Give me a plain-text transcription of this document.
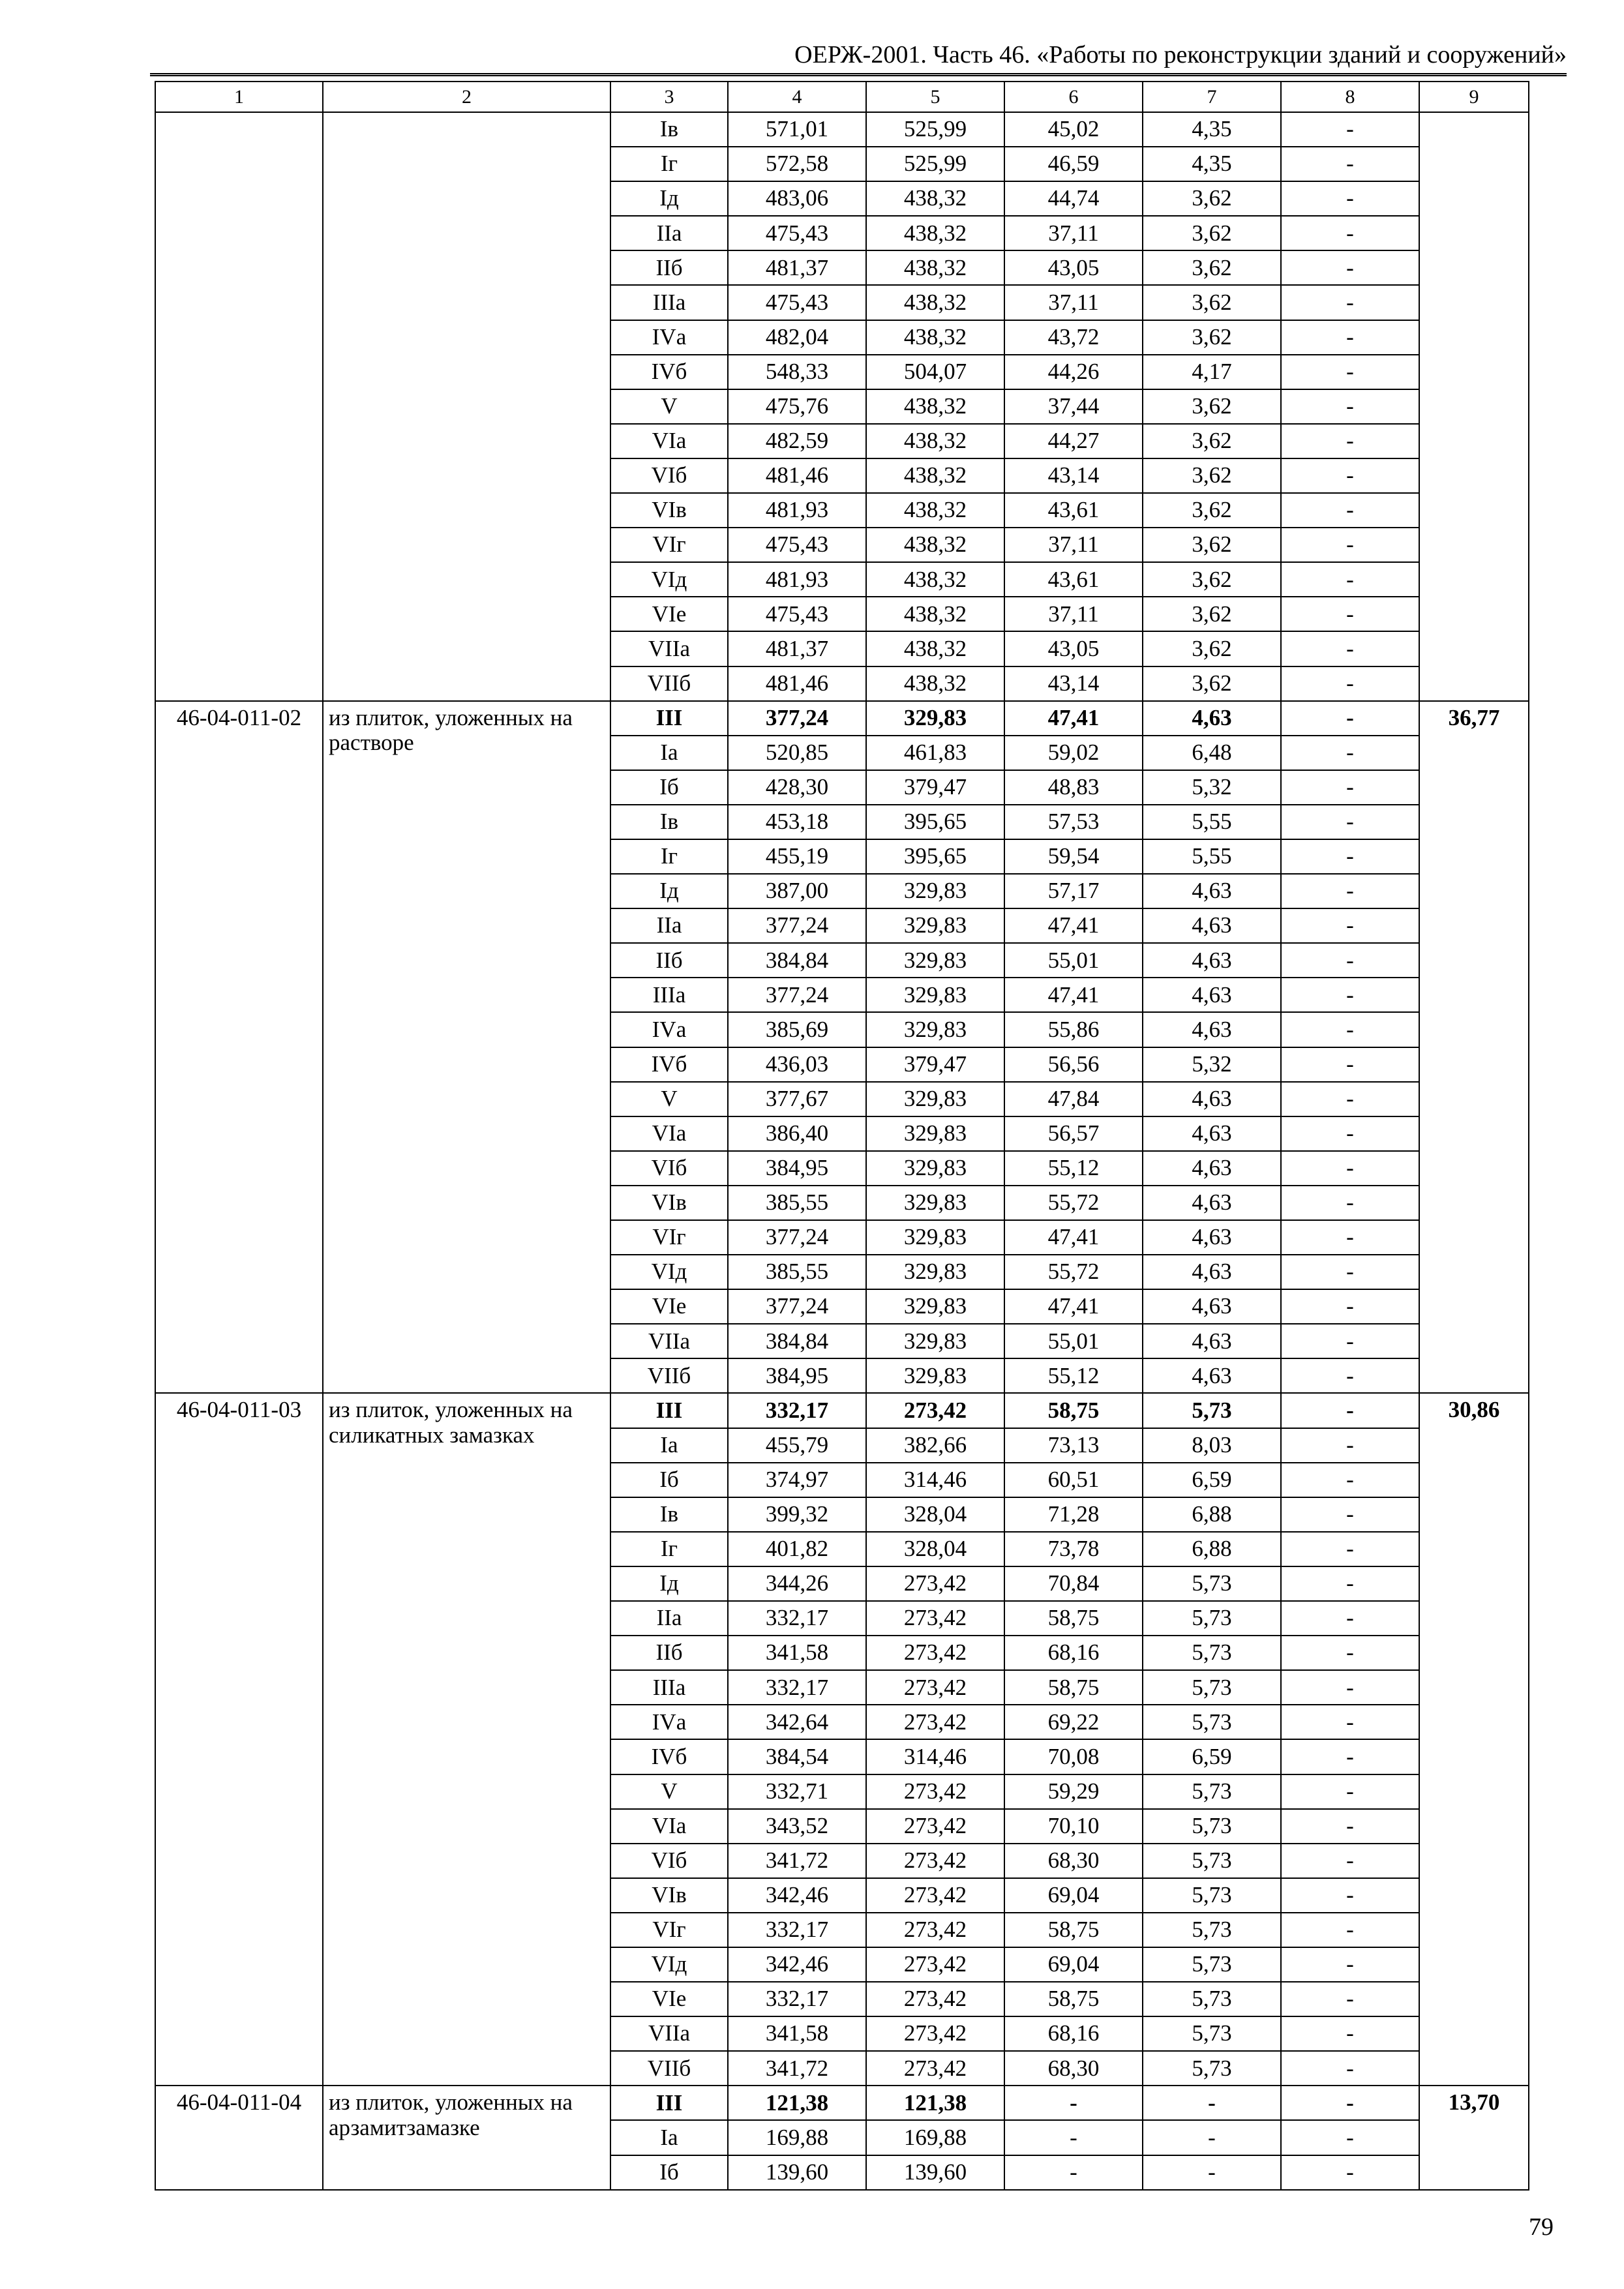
ОЕРЖ-2001. Часть 46. «Работы по реконструкции зданий и сооружений»
1	2	3	4	5	6	7	8	9
		Iв	571,01	525,99	45,02	4,35	-	
		Iг	572,58	525,99	46,59	4,35	-	
		Iд	483,06	438,32	44,74	3,62	-	
		IIа	475,43	438,32	37,11	3,62	-	
		IIб	481,37	438,32	43,05	3,62	-	
		IIIа	475,43	438,32	37,11	3,62	-	
		IVа	482,04	438,32	43,72	3,62	-	
		IVб	548,33	504,07	44,26	4,17	-	
		V	475,76	438,32	37,44	3,62	-	
		VIа	482,59	438,32	44,27	3,62	-	
		VIб	481,46	438,32	43,14	3,62	-	
		VIв	481,93	438,32	43,61	3,62	-	
		VIг	475,43	438,32	37,11	3,62	-	
		VIд	481,93	438,32	43,61	3,62	-	
		VIе	475,43	438,32	37,11	3,62	-	
		VIIа	481,37	438,32	43,05	3,62	-	
		VIIб	481,46	438,32	43,14	3,62	-	
46-04-011-02	из плиток, уложенных на растворе	III	377,24	329,83	47,41	4,63	-	36,77
		Iа	520,85	461,83	59,02	6,48	-	
		Iб	428,30	379,47	48,83	5,32	-	
		Iв	453,18	395,65	57,53	5,55	-	
		Iг	455,19	395,65	59,54	5,55	-	
		Iд	387,00	329,83	57,17	4,63	-	
		IIа	377,24	329,83	47,41	4,63	-	
		IIб	384,84	329,83	55,01	4,63	-	
		IIIа	377,24	329,83	47,41	4,63	-	
		IVа	385,69	329,83	55,86	4,63	-	
		IVб	436,03	379,47	56,56	5,32	-	
		V	377,67	329,83	47,84	4,63	-	
		VIа	386,40	329,83	56,57	4,63	-	
		VIб	384,95	329,83	55,12	4,63	-	
		VIв	385,55	329,83	55,72	4,63	-	
		VIг	377,24	329,83	47,41	4,63	-	
		VIд	385,55	329,83	55,72	4,63	-	
		VIе	377,24	329,83	47,41	4,63	-	
		VIIа	384,84	329,83	55,01	4,63	-	
		VIIб	384,95	329,83	55,12	4,63	-	
46-04-011-03	из плиток, уложенных на силикатных замазках	III	332,17	273,42	58,75	5,73	-	30,86
		Iа	455,79	382,66	73,13	8,03	-	
		Iб	374,97	314,46	60,51	6,59	-	
		Iв	399,32	328,04	71,28	6,88	-	
		Iг	401,82	328,04	73,78	6,88	-	
		Iд	344,26	273,42	70,84	5,73	-	
		IIа	332,17	273,42	58,75	5,73	-	
		IIб	341,58	273,42	68,16	5,73	-	
		IIIа	332,17	273,42	58,75	5,73	-	
		IVа	342,64	273,42	69,22	5,73	-	
		IVб	384,54	314,46	70,08	6,59	-	
		V	332,71	273,42	59,29	5,73	-	
		VIа	343,52	273,42	70,10	5,73	-	
		VIб	341,72	273,42	68,30	5,73	-	
		VIв	342,46	273,42	69,04	5,73	-	
		VIг	332,17	273,42	58,75	5,73	-	
		VIд	342,46	273,42	69,04	5,73	-	
		VIе	332,17	273,42	58,75	5,73	-	
		VIIа	341,58	273,42	68,16	5,73	-	
		VIIб	341,72	273,42	68,30	5,73	-	
46-04-011-04	из плиток, уложенных на арзамитзамазке	III	121,38	121,38	-	-	-	13,70
		Iа	169,88	169,88	-	-	-	
		Iб	139,60	139,60	-	-	-	
79
